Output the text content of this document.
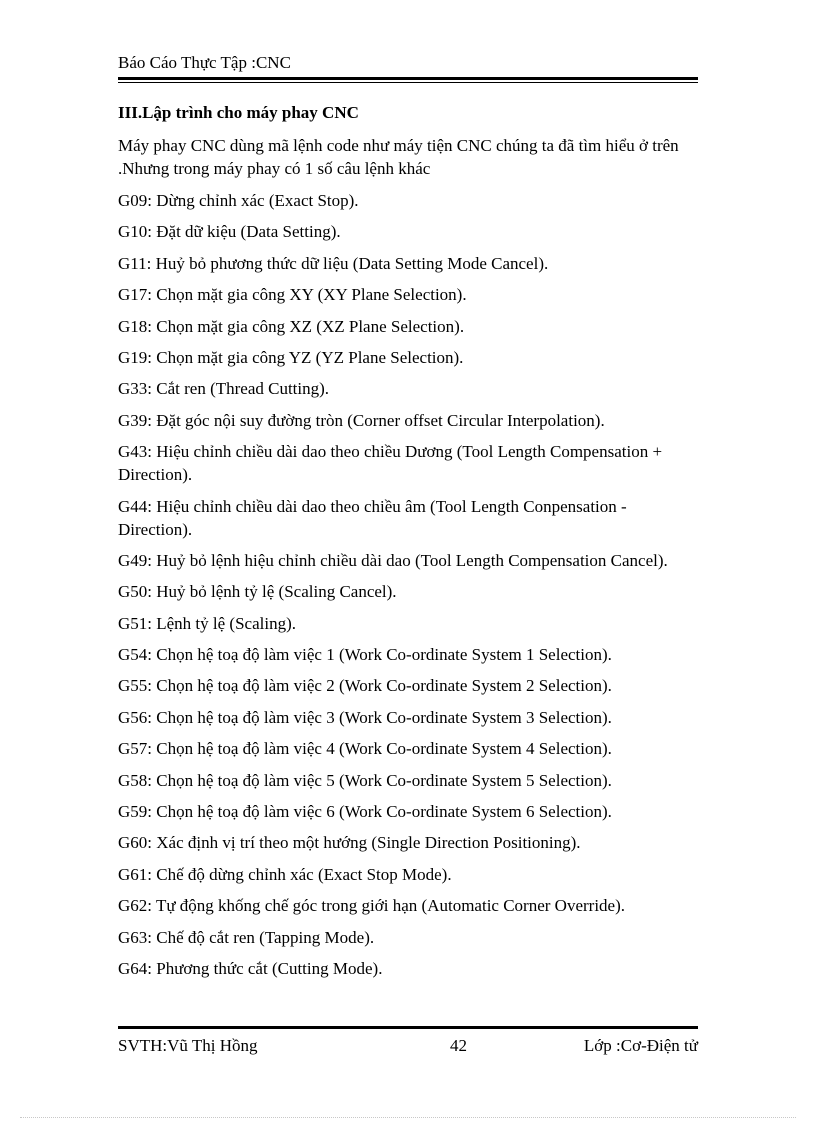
Báo Cáo Thực Tập :CNC
III.Lập trình cho máy phay CNC

Máy phay CNC dùng mã lệnh code như máy tiện CNC chúng ta đã tìm hiểu ở trên .Nhưng trong máy phay có 1 số câu lệnh khác

G09: Dừng chỉnh xác (Exact Stop).

G10: Đặt dữ kiệu (Data Setting).

G11: Huỷ bỏ phương thức dữ liệu (Data Setting Mode Cancel).

G17: Chọn mặt gia công XY (XY Plane Selection).

G18: Chọn mặt gia công XZ (XZ Plane Selection).

G19: Chọn mặt gia công YZ (YZ Plane Selection).

G33: Cắt ren (Thread Cutting).

G39: Đặt góc nội suy đường tròn (Corner offset Circular Interpolation).

G43: Hiệu chỉnh chiều dài dao theo chiều Dương (Tool Length Compensation + Direction).

G44: Hiệu chỉnh chiều dài dao theo chiều âm (Tool Length Conpensation - Direction).

G49: Huỷ bỏ lệnh hiệu chỉnh chiều dài dao (Tool Length Compensation Cancel).

G50: Huỷ bỏ lệnh tỷ lệ (Scaling Cancel).

G51: Lệnh tỷ lệ (Scaling).

G54: Chọn hệ toạ độ làm việc 1 (Work Co-ordinate System 1 Selection).

G55: Chọn hệ toạ độ làm việc 2 (Work Co-ordinate System 2 Selection).

G56: Chọn hệ toạ độ làm việc 3 (Work Co-ordinate System 3 Selection).

G57: Chọn hệ toạ độ làm việc 4 (Work Co-ordinate System 4 Selection).

G58: Chọn hệ toạ độ làm việc 5 (Work Co-ordinate System 5 Selection).

G59: Chọn hệ toạ độ làm việc 6 (Work Co-ordinate System 6 Selection).

G60: Xác định vị trí theo một hướng (Single Direction Positioning).

G61: Chế độ dừng chỉnh xác (Exact Stop Mode).

G62: Tự động khống chế góc trong giới hạn (Automatic Corner Override).

G63: Chế độ cắt ren (Tapping Mode).

G64: Phương thức cắt (Cutting Mode).

SVTH:Vũ Thị Hồng	42	Lớp :Cơ-Điện tử
